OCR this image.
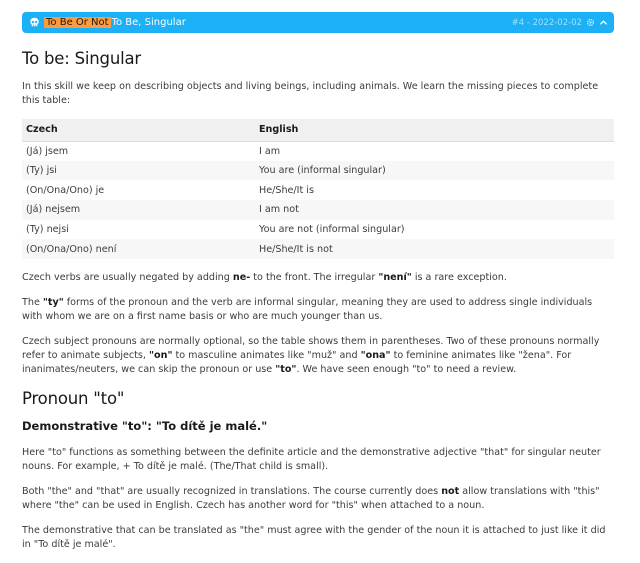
To Be Or Not To Be, Singular	#4 - 2022-02-02
To be: Singular

In this skill we keep on describing objects and living beings, including animals. We learn the missing pieces to complete this table:

Czech	English
(Já) jsem	I am
(Ty) jsi	You are (informal singular)
(On/Ona/Ono) je	He/She/It is
(Já) nejsem	I am not
(Ty) nejsi	You are not (informal singular)
(On/Ona/Ono) není	He/She/It is not

Czech verbs are usually negated by adding ne- to the front. The irregular "není" is a rare exception.

The "ty" forms of the pronoun and the verb are informal singular, meaning they are used to address single individuals with whom we are on a first name basis or who are much younger than us.

Czech subject pronouns are normally optional, so the table shows them in parentheses. Two of these pronouns normally refer to animate subjects, "on" to masculine animates like "muž" and "ona" to feminine animates like "žena". For inanimates/neuters, we can skip the pronoun or use "to". We have seen enough "to" to need a review.

Pronoun "to"
Demonstrative "to": "To dítě je malé."

Here "to" functions as something between the definite article and the demonstrative adjective "that" for singular neuter nouns. For example, + To dítě je malé. (The/That child is small).

Both "the" and "that" are usually recognized in translations. The course currently does not allow translations with "this" where "the" can be used in English. Czech has another word for "this" when attached to a noun.

The demonstrative that can be translated as "the" must agree with the gender of the noun it is attached to just like it did in "To dítě je malé".
